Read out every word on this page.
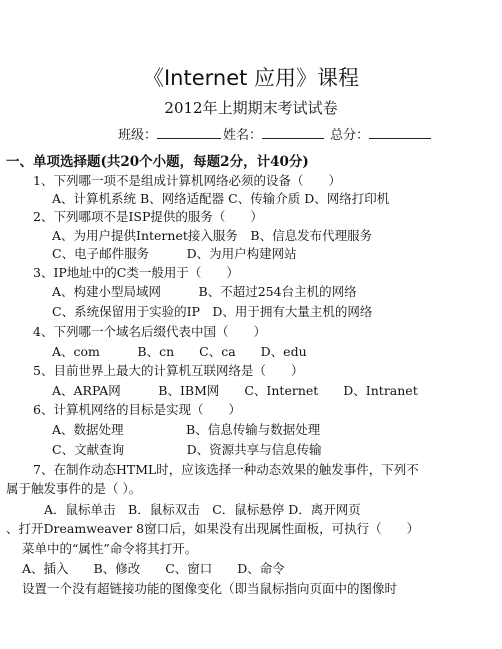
《Internet 应用》课程
2012年上期期末考试试卷
班级：	姓名：	总分：
一、单项选择题(共20个小题，每题2分，计40分)
1、下列哪一项不是组成计算机网络必须的设备（　　）
A、计算机系统 B、网络适配器 C、传输介质 D、网络打印机
2、下列哪项不是ISP提供的服务（　　）
A、为用户提供Internet接入服务　B、信息发布代理服务
C、电子邮件服务　　　D、为用户构建网站
3、IP地址中的C类一般用于（　　）
A、构建小型局域网　　　B、不超过254台主机的网络
C、系统保留用于实验的IP　D、用于拥有大量主机的网络
4、下列哪一个域名后缀代表中国（　　）
A、com　　　B、cn　　C、ca　　D、edu
5、目前世界上最大的计算机互联网络是（　　）
A、ARPA网　　　B、IBM网　　C、Internet　　D、Intranet
6、计算机网络的目标是实现（　　）
A、数据处理　　　　　B、信息传输与数据处理
C、文献查询　　　　　D、资源共享与信息传输
7、在制作动态HTML时，应该选择一种动态效果的触发事件，下列不
属于触发事件的是（ ）。
A．鼠标单击　B．鼠标双击　C．鼠标悬停 D．离开网页
、打开Dreamweaver 8窗口后，如果没有出现属性面板，可执行（　　）
菜单中的“属性”命令将其打开。
A、插入　　B、修改　　C、窗口　　D、命令
设置一个没有超链接功能的图像变化（即当鼠标指向页面中的图像时
